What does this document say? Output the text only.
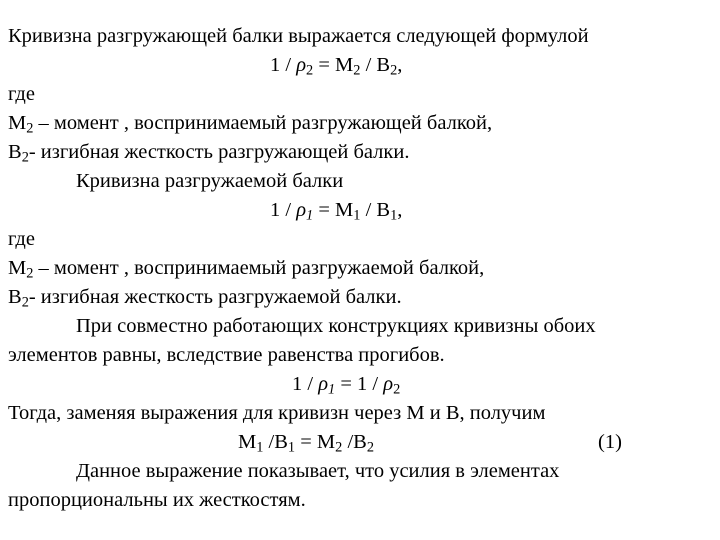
Кривизна разгружающей балки выражается следующей формулой
$1 / \rho_2 = M_2 / B_2$,
где
$M_2$ – момент , воспринимаемый разгружающей балкой,
$B_2-$ изгибная жесткость разгружающей балки.
Кривизна разгружаемой балки
$1 / \rho_1 = M_1 / B_1$,
где
$M_2$ – момент , воспринимаемый разгружаемой балкой,
$B_2-$ изгибная жесткость разгружаемой балки.
При совместно работающих конструкциях кривизны обоих
элементов равны, вследствие равенства прогибов.
$1 / \rho_1 = 1 / \rho_2$
Тогда, заменяя выражения для кривизн через M и B, получим
$M_1$ $/B_1 = M_2$ $/B_2$	(1)
Данное выражение показывает, что усилия в элементах
пропорциональны их жесткостям.
